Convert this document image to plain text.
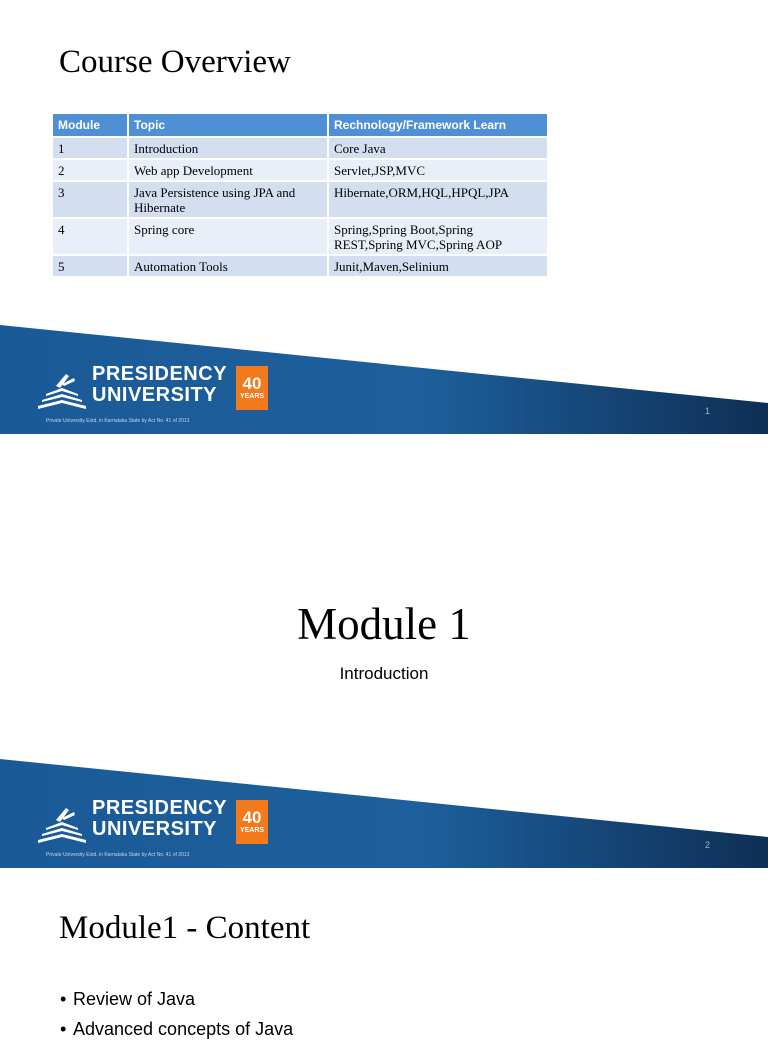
Course Overview
Module	Topic	Rechnology/Framework Learn
1	Introduction	Core Java
2	Web app Development	Servlet,JSP,MVC
3	Java Persistence using JPA and Hibernate	Hibernate,ORM,HQL,HPQL,JPA
4	Spring core	Spring,Spring Boot,Spring REST,Spring MVC,Spring AOP
5	Automation Tools	Junit,Maven,Selinium
PRESIDENCY
UNIVERSITY
Private University Estd. in Karnataka State by Act No. 41 of 2013
40
YEARS
1
Module 1

Introduction

PRESIDENCY
UNIVERSITY
Private University Estd. in Karnataka State by Act No. 41 of 2013
40
YEARS
2
Module1 - Content
• Review of Java
• Advanced concepts of Java
